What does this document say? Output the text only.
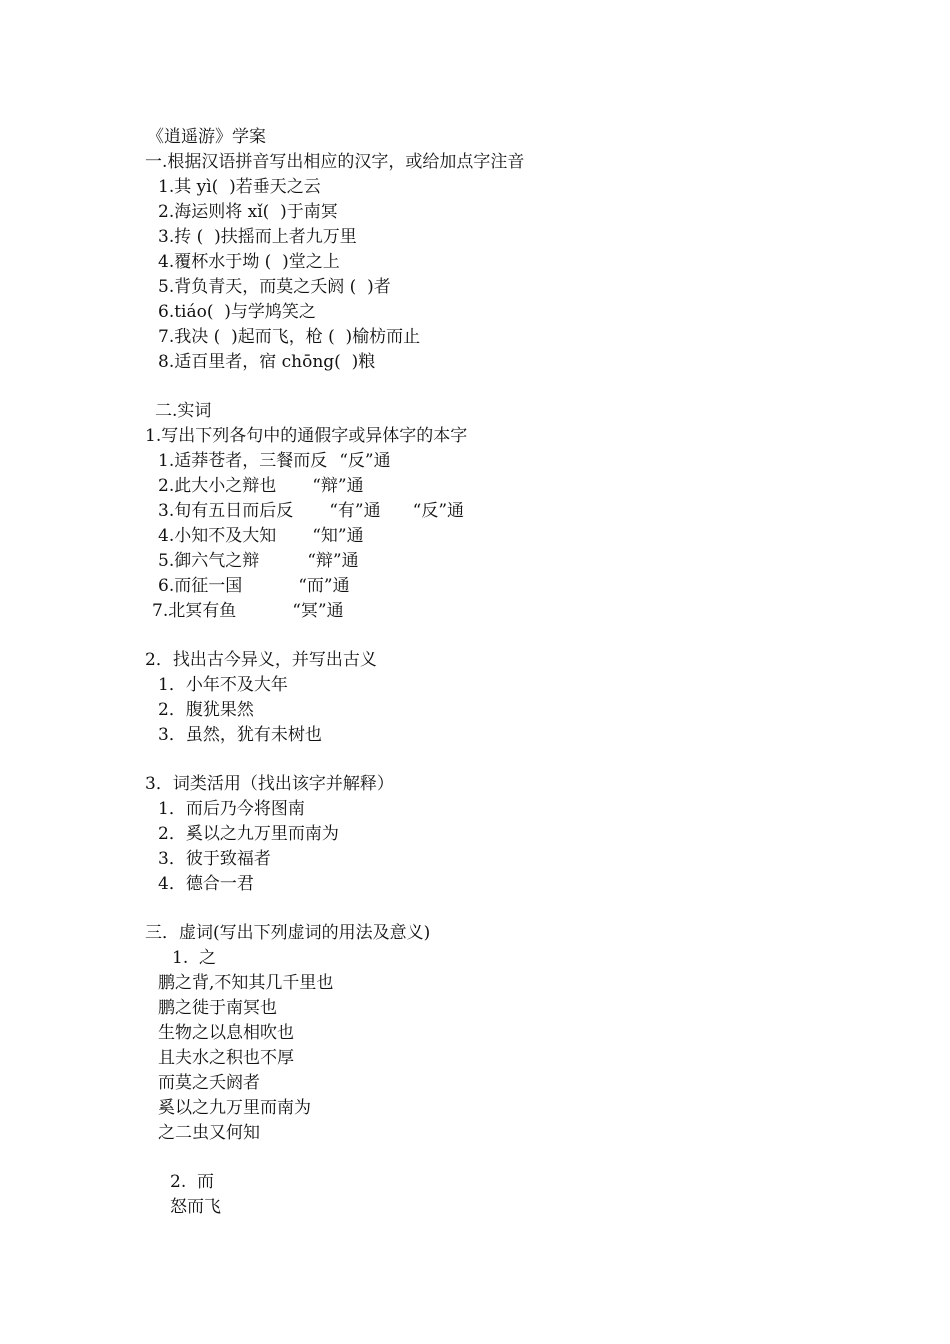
《逍遥游》学案

一.根据汉语拼音写出相应的汉字，或给加点字注音

1.其 yì(  )若垂天之云

2.海运则将 xǐ(  )于南冥

3.抟 (  )扶摇而上者九万里

4.覆杯水于坳 (  )堂之上

5.背负青天，而莫之夭阏 (  )者

6.tiáo(  )与学鸠笑之

7.我决 (  )起而飞，枪 (  )榆枋而止

8.适百里者，宿 chōng(  )粮

二.实词

1.写出下列各句中的通假字或异体字的本字

1.适莽苍者，三餐而反 “反”通

2.此大小之辩也 “辩”通

3.旬有五日而后反 “有”通 “反”通

4.小知不及大知 “知”通

5.御六气之辩	“辩”通

6.而征一国	“而”通

7.北冥有鱼	“冥”通

2．找出古今异义，并写出古义

1．小年不及大年

2．腹犹果然

3．虽然，犹有未树也

3．词类活用（找出该字并解释）

1．而后乃今将图南

2．奚以之九万里而南为

3．彼于致福者

4．德合一君

三．虚词(写出下列虚词的用法及意义)

1.  之

鹏之背,不知其几千里也

鹏之徙于南冥也

生物之以息相吹也

且夫水之积也不厚

而莫之夭阏者

奚以之九万里而南为

之二虫又何知

2.  而

怒而飞
